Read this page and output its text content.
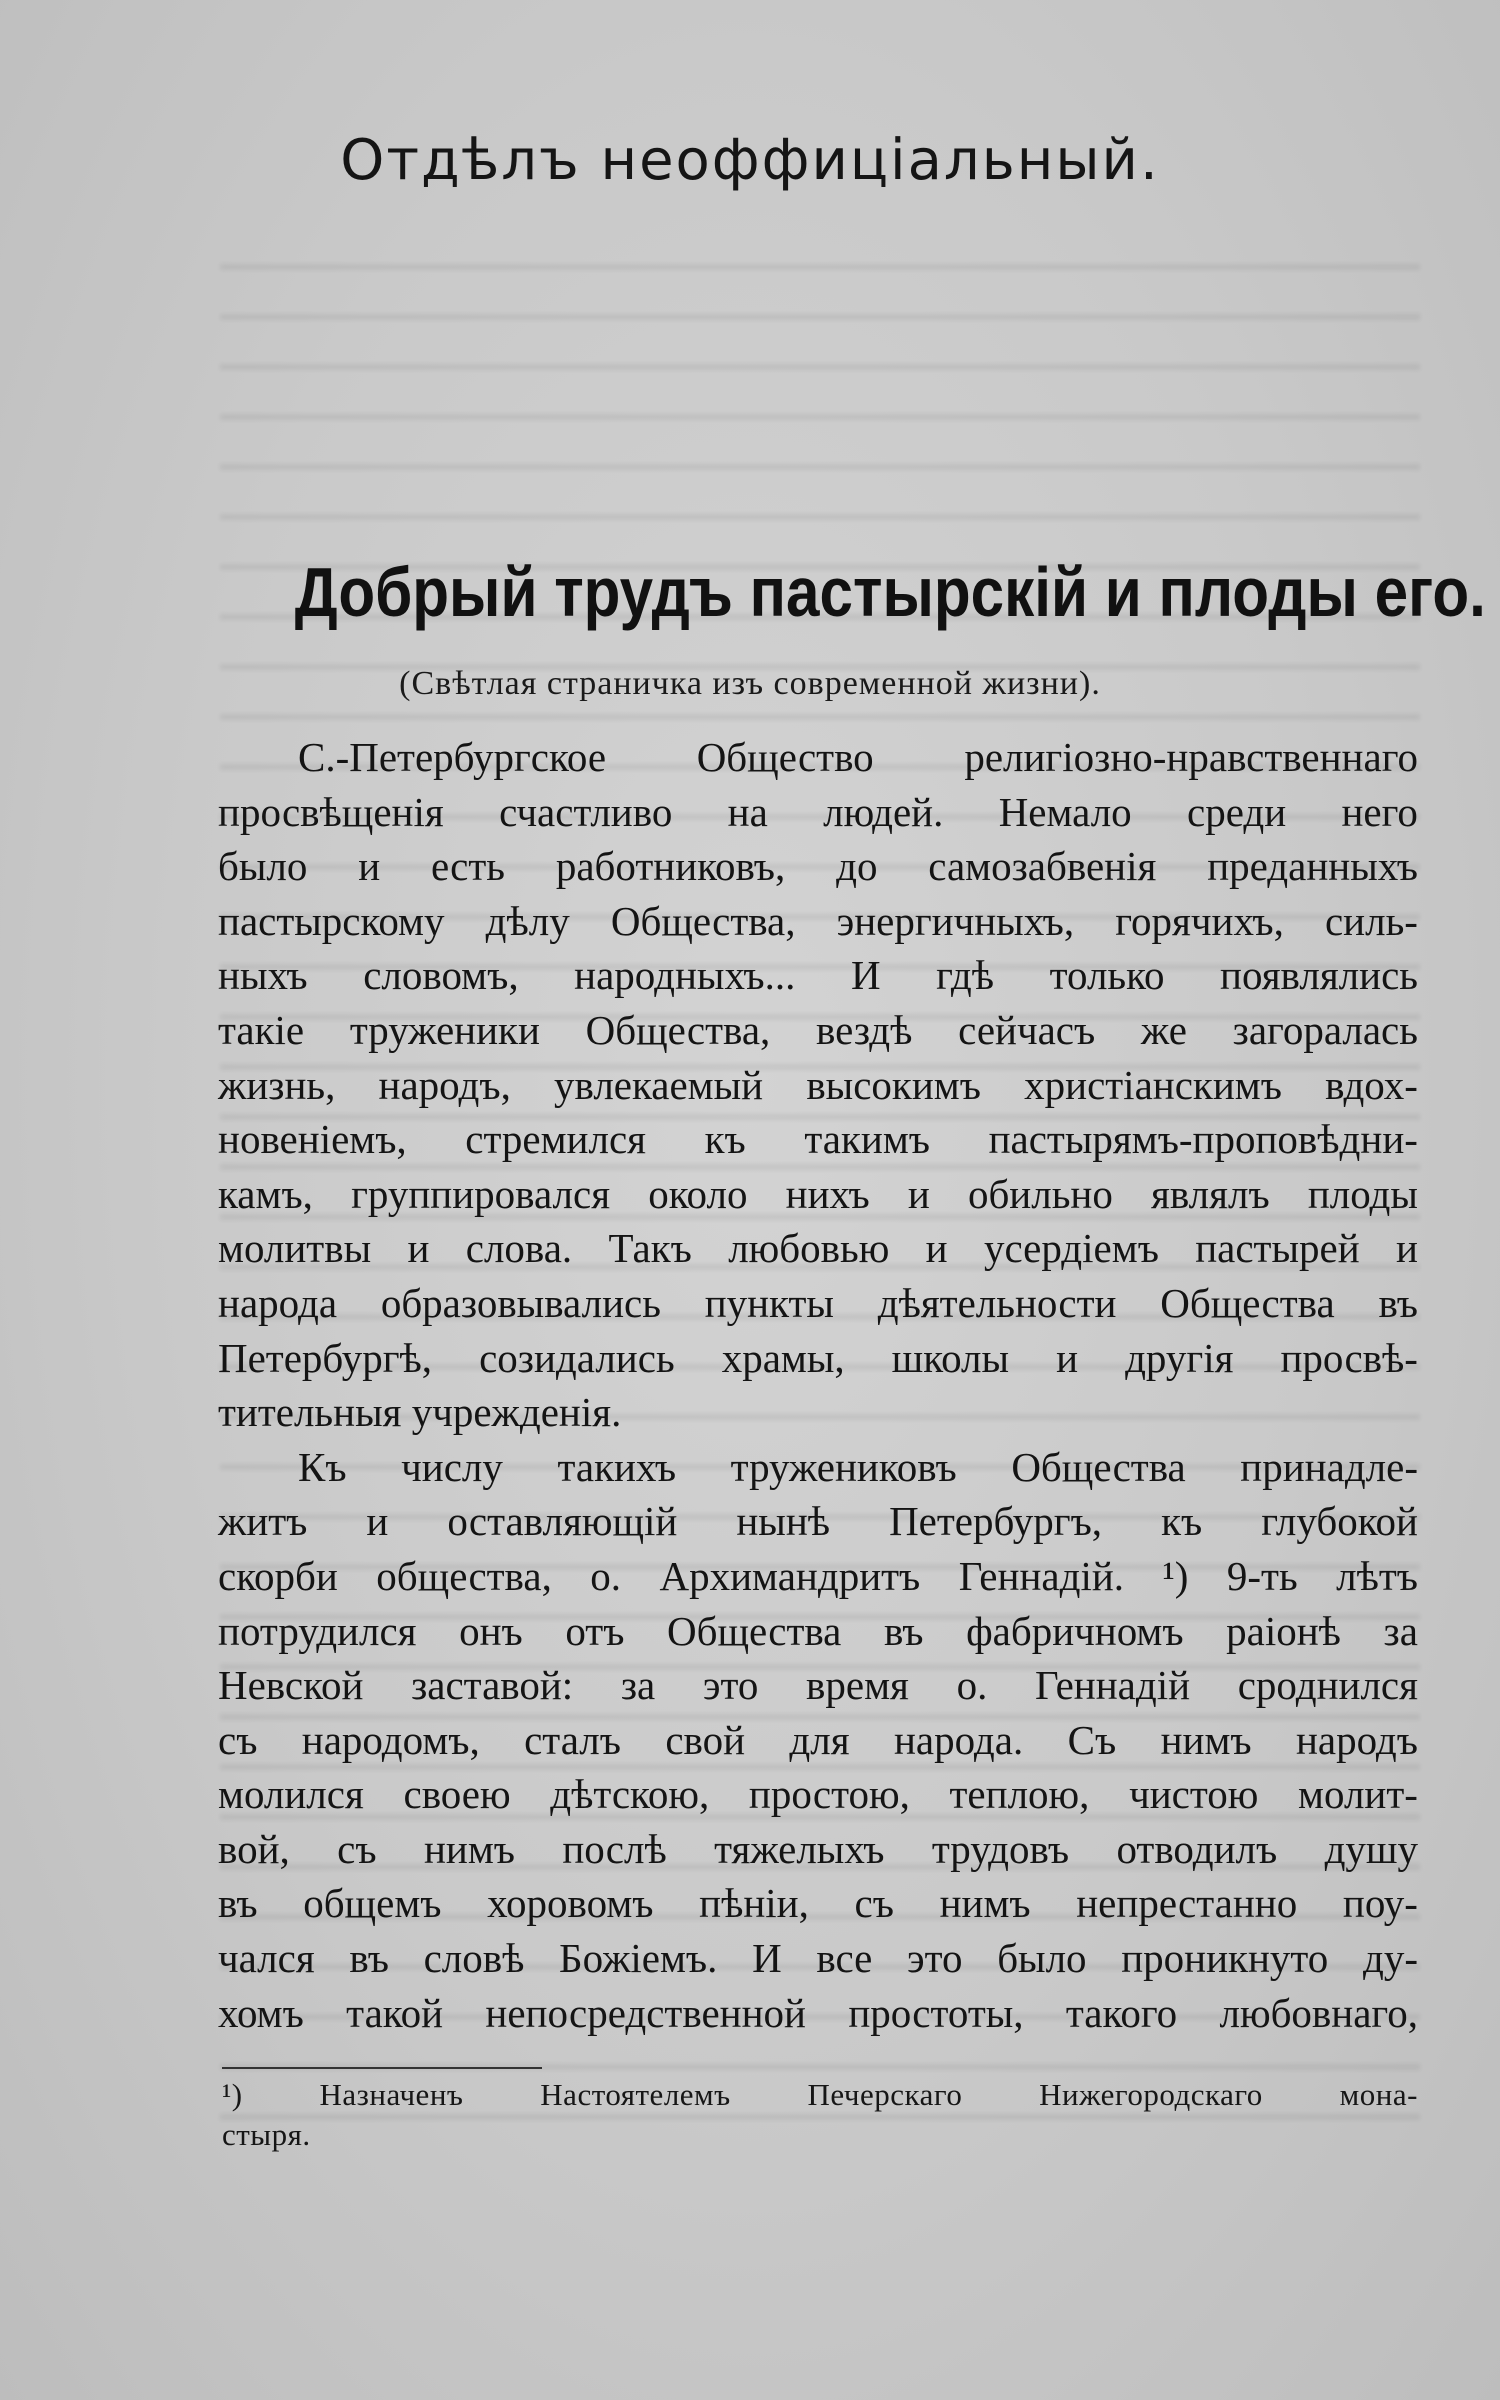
Отдѣлъ неоффиціальный.
Добрый трудъ пастырскій и плоды его.
(Свѣтлая страничка изъ современной жизни).
С.-Петербургское Общество религіозно-нравственнаго
просвѣщенія счастливо на людей. Немало среди него
было и есть работниковъ, до самозабвенія преданныхъ
пастырскому дѣлу Общества, энергичныхъ, горячихъ, силь-
ныхъ словомъ, народныхъ... И гдѣ только появлялись
такіе труженики Общества, вездѣ сейчасъ же загоралась
жизнь, народъ, увлекаемый высокимъ христіанскимъ вдох-
новеніемъ, стремился къ такимъ пастырямъ-проповѣдни-
камъ, группировался около нихъ и обильно являлъ плоды
молитвы и слова. Такъ любовью и усердіемъ пастырей и
народа образовывались пункты дѣятельности Общества въ
Петербургѣ, созидались храмы, школы и другія просвѣ-
тительныя учрежденія.
Къ числу такихъ тружениковъ Общества принадле-
житъ и оставляющій нынѣ Петербургъ, къ глубокой
скорби общества, о. Архимандритъ Геннадій. ¹) 9-ть лѣтъ
потрудился онъ отъ Общества въ фабричномъ раіонѣ за
Невской заставой: за это время о. Геннадій сроднился
съ народомъ, сталъ свой для народа. Съ нимъ народъ
молился своею дѣтскою, простою, теплою, чистою молит-
вой, съ нимъ послѣ тяжелыхъ трудовъ отводилъ душу
въ общемъ хоровомъ пѣніи, съ нимъ непрестанно поу-
чался въ словѣ Божіемъ. И все это было проникнуто ду-
хомъ такой непосредственной простоты, такого любовнаго,
¹) Назначенъ Настоятелемъ Печерскаго Нижегородскаго мона-
стыря.
